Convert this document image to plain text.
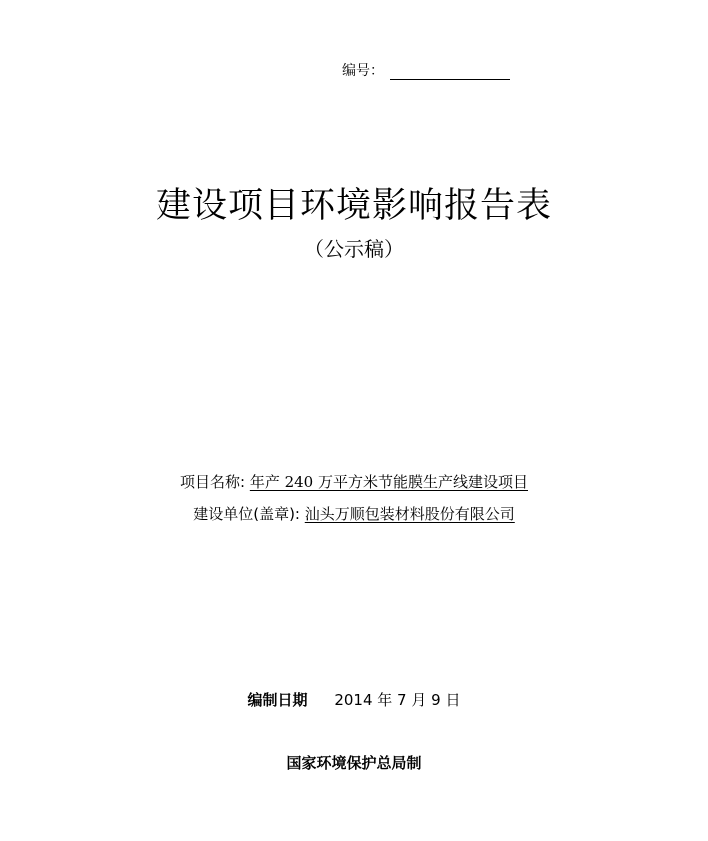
编号：
建设项目环境影响报告表
（公示稿）
项目名称: 年产 240 万平方米节能膜生产线建设项目
建设单位(盖章): 汕头万顺包装材料股份有限公司
编制日期 2014 年 7 月 9 日
国家环境保护总局制
